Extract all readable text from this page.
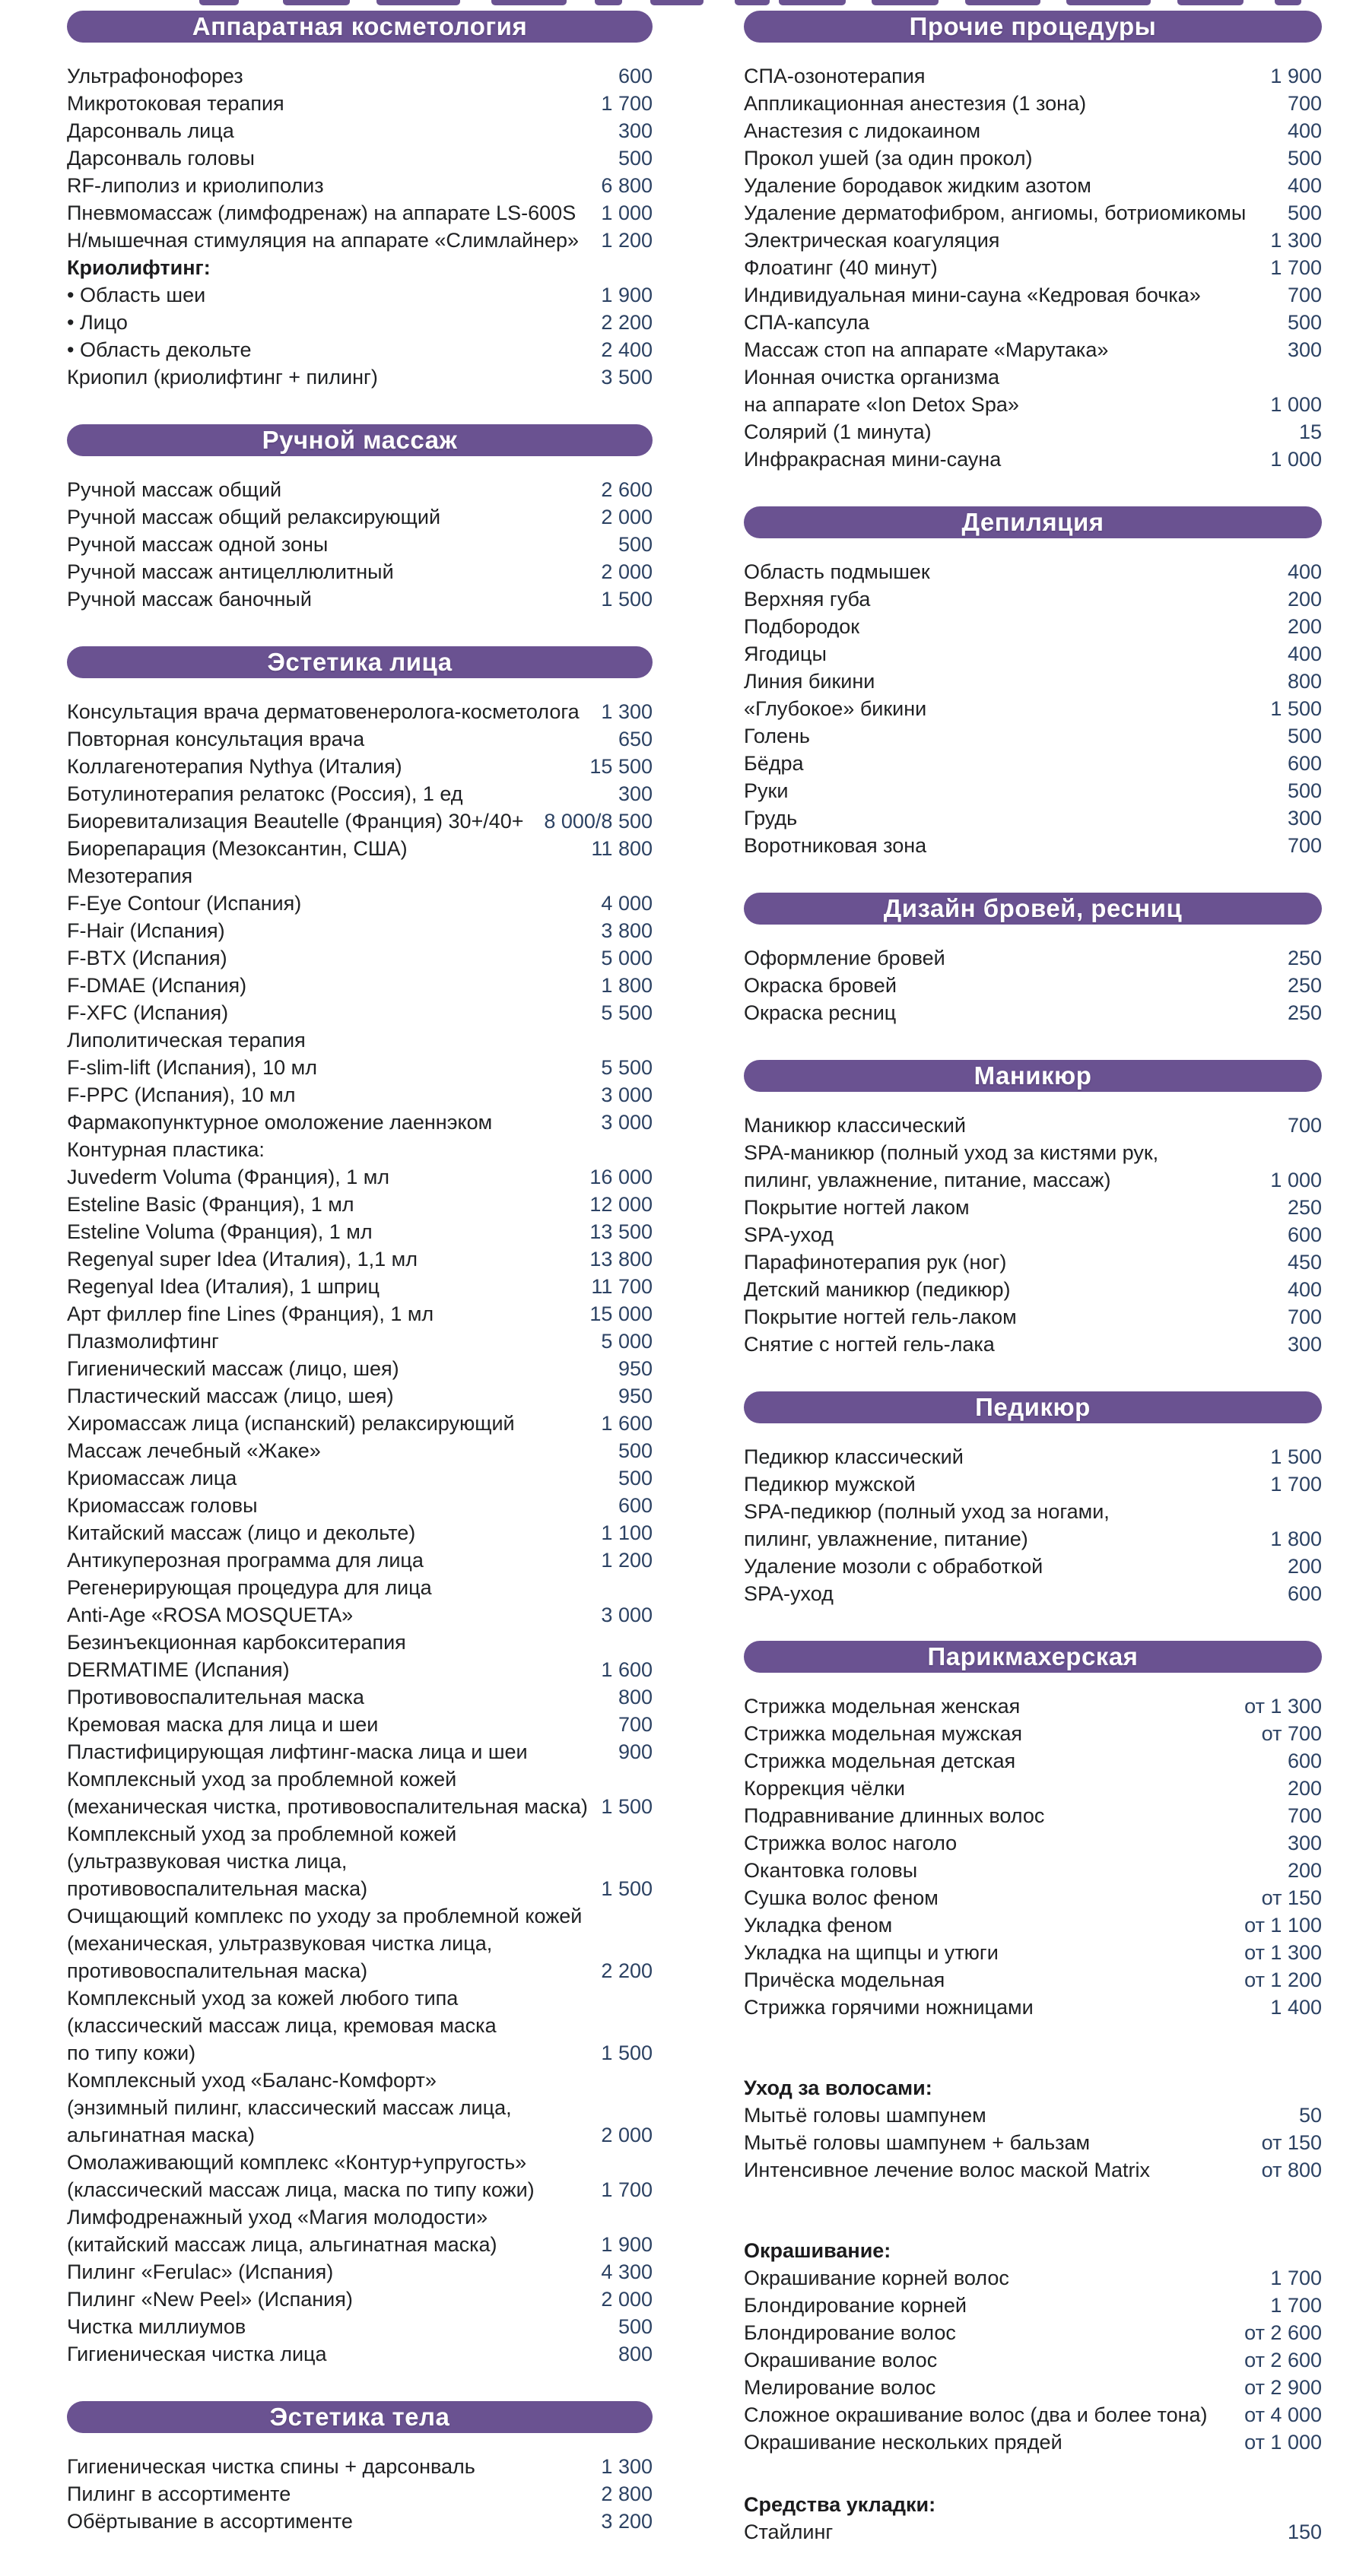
Аппаратная косметология
Ультрафонофорез	600
Микротоковая терапия	1 700
Дарсонваль лица	300
Дарсонваль головы	500
RF-липолиз и криолиполиз	6 800
Пневмомассаж (лимфодренаж) на аппарате LS-600S 1 000
Н/мышечная стимуляция на аппарате «Слимлайнер» 1 200
Криолифтинг:
• Область шеи	1 900
• Лицо	2 200
• Область декольте	2 400
Криопил (криолифтинг + пилинг)	3 500
Ручной массаж
Ручной массаж общий	2 600
Ручной массаж общий релаксирующий	2 000
Ручной массаж одной зоны	500
Ручной массаж антицеллюлитный	2 000
Ручной массаж баночный	1 500
Эстетика лица
Консультация врача дерматовенеролога-косметолога 1 300
Повторная консультация врача	650
Коллагенотерапия Nythya (Италия)	15 500
Ботулинотерапия релатокс (Россия), 1 ед	300
Биоревитализация Beautelle (Франция) 30+/40+ 8 000/8 500
Биорепарация (Мезоксантин, США)	11 800
Мезотерапия
F-Eye Contour (Испания)	4 000
F-Hair (Испания)	3 800
F-BTX (Испания)	5 000
F-DMAE (Испания)	1 800
F-XFC (Испания)	5 500
Липолитическая терапия
F-slim-lift (Испания), 10 мл	5 500
F-PPC (Испания), 10 мл	3 000
Фармакопунктурное омоложение лаеннэком	3 000
Контурная пластика:
Juvederm Voluma (Франция), 1 мл	16 000
Esteline Basic (Франция), 1 мл	12 000
Esteline Voluma (Франция), 1 мл	13 500
Regenyal super Idea (Италия), 1,1 мл	13 800
Regenyal Idea (Италия), 1 шприц	11 700
Арт филлер fine Lines (Франция), 1 мл	15 000
Плазмолифтинг	5 000
Гигиенический массаж (лицо, шея)	950
Пластический массаж (лицо, шея)	950
Хиромассаж лица (испанский) релаксирующий	1 600
Массаж лечебный «Жаке»	500
Криомассаж лица	500
Криомассаж головы	600
Китайский массаж (лицо и декольте)	1 100
Антикуперозная программа для лица	1 200
Регенерирующая процедура для лица
Anti-Age «ROSA MOSQUETA»	3 000
Безинъекционная карбокситерапия
DERMATIME (Испания)	1 600
Противовоспалительная маска	800
Кремовая маска для лица и шеи	700
Пластифицирующая лифтинг-маска лица и шеи	900
Комплексный уход за проблемной кожей
(механическая чистка, противовоспалительная маска) 1 500
Комплексный уход за проблемной кожей
(ультразвуковая чистка лица,
противовоспалительная маска)	1 500
Очищающий комплекс по уходу за проблемной кожей
(механическая, ультразвуковая чистка лица,
противовоспалительная маска)	2 200
Комплексный уход за кожей любого типа
(классический массаж лица, кремовая маска
по типу кожи)	1 500
Комплексный уход «Баланс-Комфорт»
(энзимный пилинг, классический массаж лица,
альгинатная маска)	2 000
Омолаживающий комплекс «Контур+упругость»
(классический массаж лица, маска по типу кожи)	1 700
Лимфодренажный уход «Магия молодости»
(китайский массаж лица, альгинатная маска)	1 900
Пилинг «Ferulac» (Испания)	4 300
Пилинг «New Peel» (Испания)	2 000
Чистка миллиумов	500
Гигиеническая чистка лица	800
Эстетика тела
Гигиеническая чистка спины + дарсонваль	1 300
Пилинг в ассортименте	2 800
Обёртывание в ассортименте	3 200
Прочие процедуры
СПА-озонотерапия	1 900
Аппликационная анестезия (1 зона)	700
Анастезия с лидокаином	400
Прокол ушей (за один прокол)	500
Удаление бородавок жидким азотом	400
Удаление дерматофибром, ангиомы, ботриомикомы 500
Электрическая коагуляция	1 300
Флоатинг (40 минут)	1 700
Индивидуальная мини-сауна «Кедровая бочка»	700
СПА-капсула	500
Массаж стоп на аппарате «Марутака»	300
Ионная очистка организма
на аппарате «Ion Detox Spa»	1 000
Солярий (1 минута)	15
Инфракрасная мини-сауна	1 000
Депиляция
Область подмышек	400
Верхняя губа	200
Подбородок	200
Ягодицы	400
Линия бикини	800
«Глубокое» бикини	1 500
Голень	500
Бёдра	600
Руки	500
Грудь	300
Воротниковая зона	700
Дизайн бровей, ресниц
Оформление бровей	250
Окраска бровей	250
Окраска ресниц	250
Маникюр
Маникюр классический	700
SPA-маникюр (полный уход за кистями рук,
пилинг, увлажнение, питание, массаж)	1 000
Покрытие ногтей лаком	250
SPA-уход	600
Парафинотерапия рук (ног)	450
Детский маникюр (педикюр)	400
Покрытие ногтей гель-лаком	700
Снятие с ногтей гель-лака	300
Педикюр
Педикюр классический	1 500
Педикюр мужской	1 700
SPA-педикюр (полный уход за ногами,
пилинг, увлажнение, питание)	1 800
Удаление мозоли с обработкой	200
SPA-уход	600
Парикмахерская
Стрижка модельная женская	от 1 300
Стрижка модельная мужская	от 700
Стрижка модельная детская	600
Коррекция чёлки	200
Подравнивание длинных волос	700
Стрижка волос наголо	300
Окантовка головы	200
Сушка волос феном	от 150
Укладка феном	от 1 100
Укладка на щипцы и утюги	от 1 300
Причёска модельная	от 1 200
Стрижка горячими ножницами	1 400
Уход за волосами:
Мытьё головы шампунем	50
Мытьё головы шампунем + бальзам	от 150
Интенсивное лечение волос маской Matrix	от 800
Окрашивание:
Окрашивание корней волос	1 700
Блондирование корней	1 700
Блондирование волос	от 2 600
Окрашивание волос	от 2 600
Мелирование волос	от 2 900
Сложное окрашивание волос (два и более тона) от 4 000
Окрашивание нескольких прядей	от 1 000
Средства укладки:
Стайлинг	150
